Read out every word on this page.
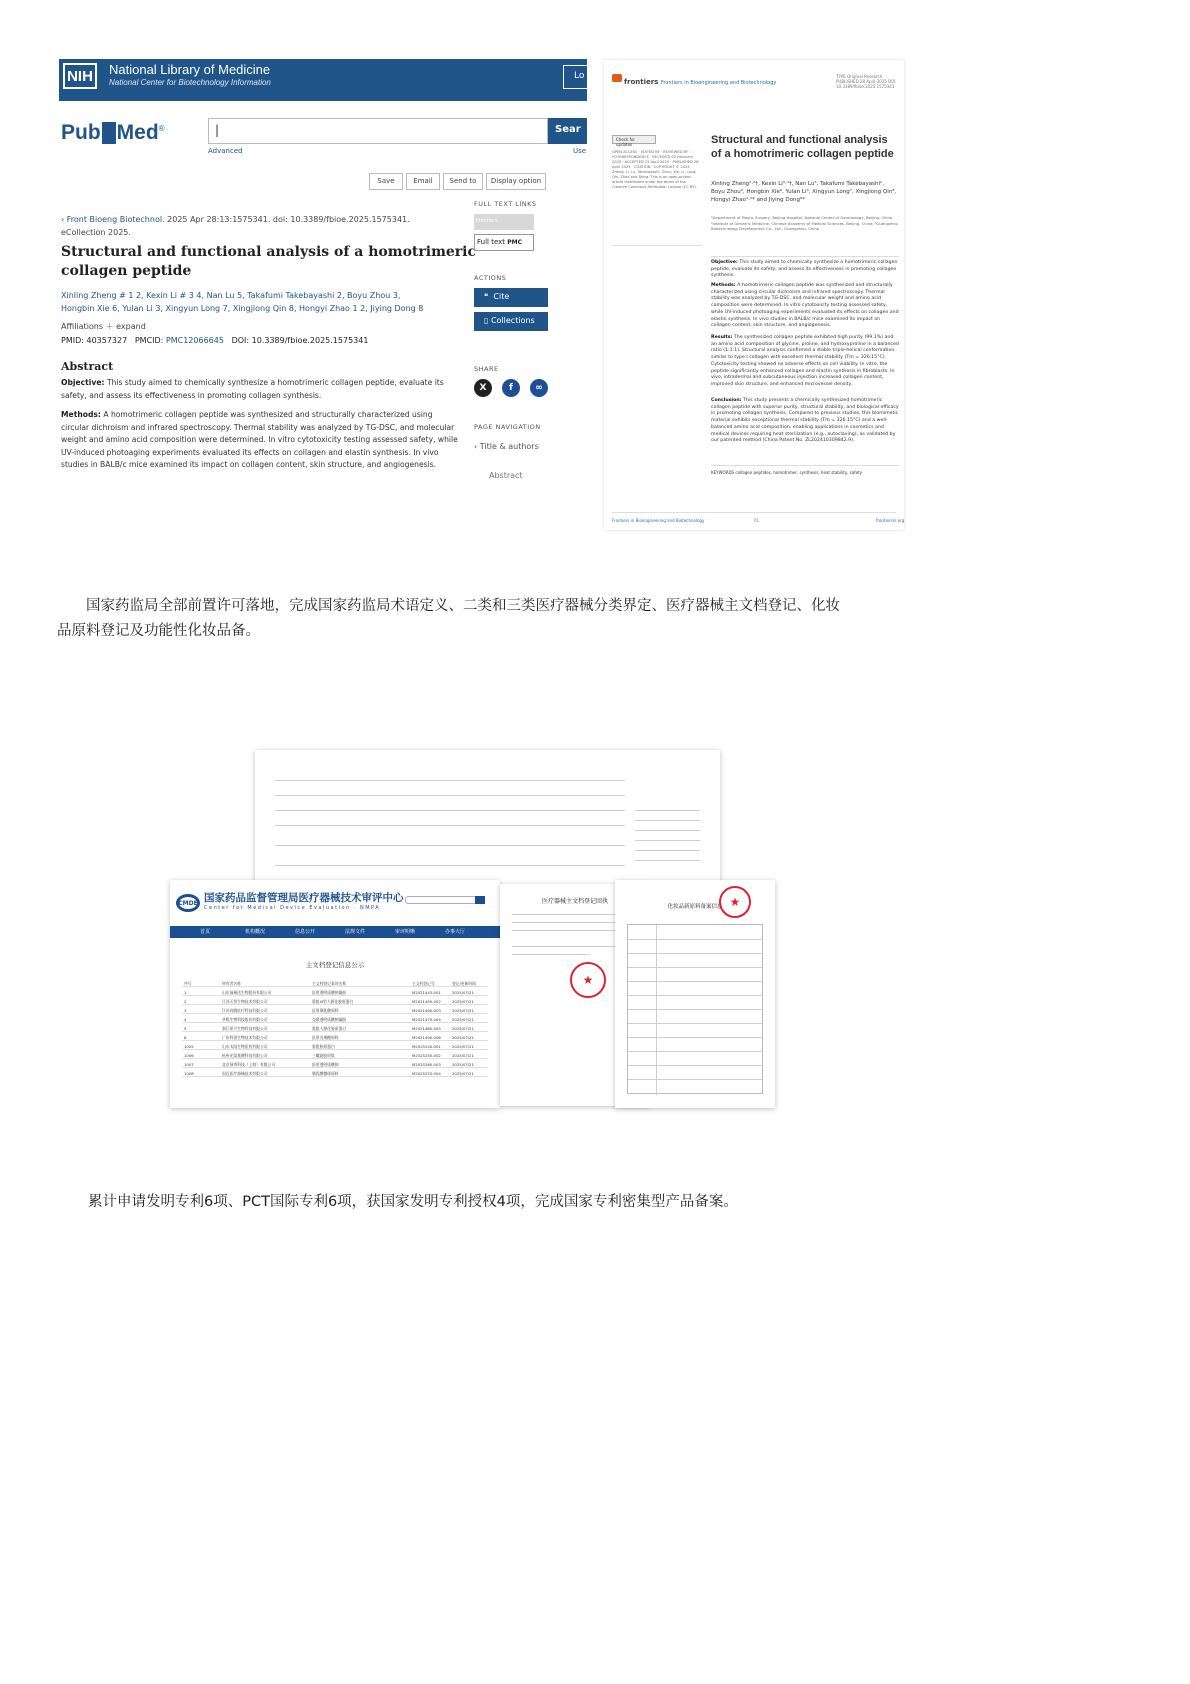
NIH	National Library of Medicine
National Center for Biotechnology Information
Lo
Pub Med®	|	Sear
Advanced	Use
Save	Email	Send to	Display option
› Front Bioeng Biotechnol. 2025 Apr 28:13:1575341. doi: 10.3389/fbioe.2025.1575341.
eCollection 2025.
Structural and functional analysis of a homotrimeric collagen peptide
Xinling Zheng # 1 2, Kexin Li # 3 4, Nan Lu 5, Takafumi Takebayashi 2, Boyu Zhou 3,
Hongbin Xie 6, Yulan Li 3, Xingyun Long 7, Xingjiong Qin 8, Hongyi Zhao 1 2, Jiying Dong 8
Affiliations ＋ expand
PMID: 40357327 PMCID: PMC12066645 DOI: 10.3389/fbioe.2025.1575341
Abstract
Objective: This study aimed to chemically synthesize a homotrimeric collagen peptide, evaluate its safety, and assess its effectiveness in promoting collagen synthesis.
Methods: A homotrimeric collagen peptide was synthesized and structurally characterized using circular dichroism and infrared spectroscopy. Thermal stability was analyzed by TG-DSC, and molecular weight and amino acid composition were determined. In vitro cytotoxicity testing assessed safety, while UV-induced photoaging experiments evaluated its effects on collagen and elastin synthesis. In vivo studies in BALB/c mice examined its impact on collagen content, skin structure, and angiogenesis.
FULL TEXT LINKS
Frontiers
Full text PMC
ACTIONS
❝  Cite
▯ Collections
SHARE
X	f	∞
PAGE NAVIGATION
‹ Title & authors
Abstract
frontiers Frontiers in Bioengineering and Biotechnology
TYPE Original Research PUBLISHED 28 April 2025 DOI 10.3389/fbioe.2025.1575341
Check for updates
OPEN ACCESS · EDITED BY · REVIEWED BY · *CORRESPONDENCE · RECEIVED 02 February 2025 · ACCEPTED 15 April 2025 · PUBLISHED 28 April 2025 · CITATION · COPYRIGHT © 2025 Zheng, Li, Lu, Takebayashi, Zhou, Xie, Li, Long, Qin, Zhao and Dong. This is an open-access article distributed under the terms of the Creative Commons Attribution License (CC BY).
Structural and functional analysis of a homotrimeric collagen peptide
Xinling Zheng¹·²†, Kexin Li³·⁴†, Nan Lu⁵, Takafumi Takebayashi², Boyu Zhou³, Hongbin Xie⁶, Yulan Li³, Xingyun Long⁷, Xingjiong Qin⁸, Hongyi Zhao¹·²* and Jiying Dong⁸*
¹Department of Plastic Surgery, Beijing Hospital, National Center of Gerontology, Beijing, China, ²Institute of Geriatric Medicine, Chinese Academy of Medical Sciences, Beijing, China, ³Guangzhou Biotechnology Development Co., Ltd., Guangzhou, China
Objective: This study aimed to chemically synthesize a homotrimeric collagen peptide, evaluate its safety, and assess its effectiveness in promoting collagen synthesis.
Methods: A homotrimeric collagen peptide was synthesized and structurally characterized using circular dichroism and infrared spectroscopy. Thermal stability was analyzed by TG-DSC, and molecular weight and amino acid composition were determined. In vitro cytotoxicity testing assessed safety, while UV-induced photoaging experiments evaluated its effects on collagen and elastin synthesis. In vivo studies in BALB/c mice examined its impact on collagen content, skin structure, and angiogenesis.
Results: The synthesized collagen peptide exhibited high purity (99.1%) and an amino acid composition of glycine, proline, and hydroxyproline in a balanced ratio (1:1:1). Structural analysis confirmed a stable triple-helical conformation similar to type I collagen with excellent thermal stability (Tm = 326.15°C). Cytotoxicity testing showed no adverse effects on cell viability. In vitro, the peptide significantly enhanced collagen and elastin synthesis in fibroblasts. In vivo, intradermal and subcutaneous injection increased collagen content, improved skin structure, and enhanced microvessel density.
Conclusion: This study presents a chemically synthesized homotrimeric collagen peptide with superior purity, structural stability, and biological efficacy in promoting collagen synthesis. Compared to previous studies, this biomimetic material exhibits exceptional thermal stability (Tm = 326.15°C) and a well-balanced amino acid composition, enabling applications in cosmetics and medical devices requiring heat sterilization (e.g., autoclaving), as validated by our patented method (China Patent No. ZL202410309842.9).
KEYWORDS collagen peptides, homotrimer, synthesis, heat stability, safety
Frontiers in Bioengineering and Biotechnology	01	frontiersin.org
国家药监局全部前置许可落地，完成国家药监局术语定义、二类和三类医疗器械分类界定、医疗器械主文档登记、化妆
品原料登记及功能性化妆品备。
CMDE 国家药品监督管理局医疗器械技术审评中心
Center for Medical Device Evaluation · NMPA
首页	机构概况	信息公开	法规文件	审评明晰	办事大厅
主文档登记信息公示
序号	所有者名称	主文档登记事项名称	主文档登记号	登记/更新时间
1	山东福瑞达生物股份有限公司	医用透明质酸钠凝胶	M2021443-001	2025/07/21
2	江苏天智生物技术有限公司	重组III型人源化胶原蛋白	M2021450-002	2025/07/21
3	江苏尚腾医疗科技有限公司	医用聚乳酸原料	M2021460-003	2025/07/21
4	华熙生物科技股份有限公司	交联透明质酸钠凝胶	M2021470-004	2025/07/21
5	浙江景兴生物科技有限公司	重组人源化胶原蛋白	M2021480-005	2025/07/21
6	广东科创生物技术有限公司	医用壳聚糖原料	M2021490-006	2025/07/21
1005	山东太阳生物医药有限公司	重组胶原蛋白	M2025240-001	2025/07/21
1006	杭州光氨基酸科技有限公司	三螺旋胶原肽	M2025250-002	2025/07/21
1007	北京绿秀科技（上海）有限公司	医用透明质酸钠	M2025260-003	2025/07/21
1008	国迈医疗器械技术有限公司	聚乳酸微球原料	M2025270-004	2025/07/21
医疗器械主文档登记回执
★
化妆品新原料备案信息 ★
累计申请发明专利6项、PCT国际专利6项，获国家发明专利授权4项，完成国家专利密集型产品备案。
